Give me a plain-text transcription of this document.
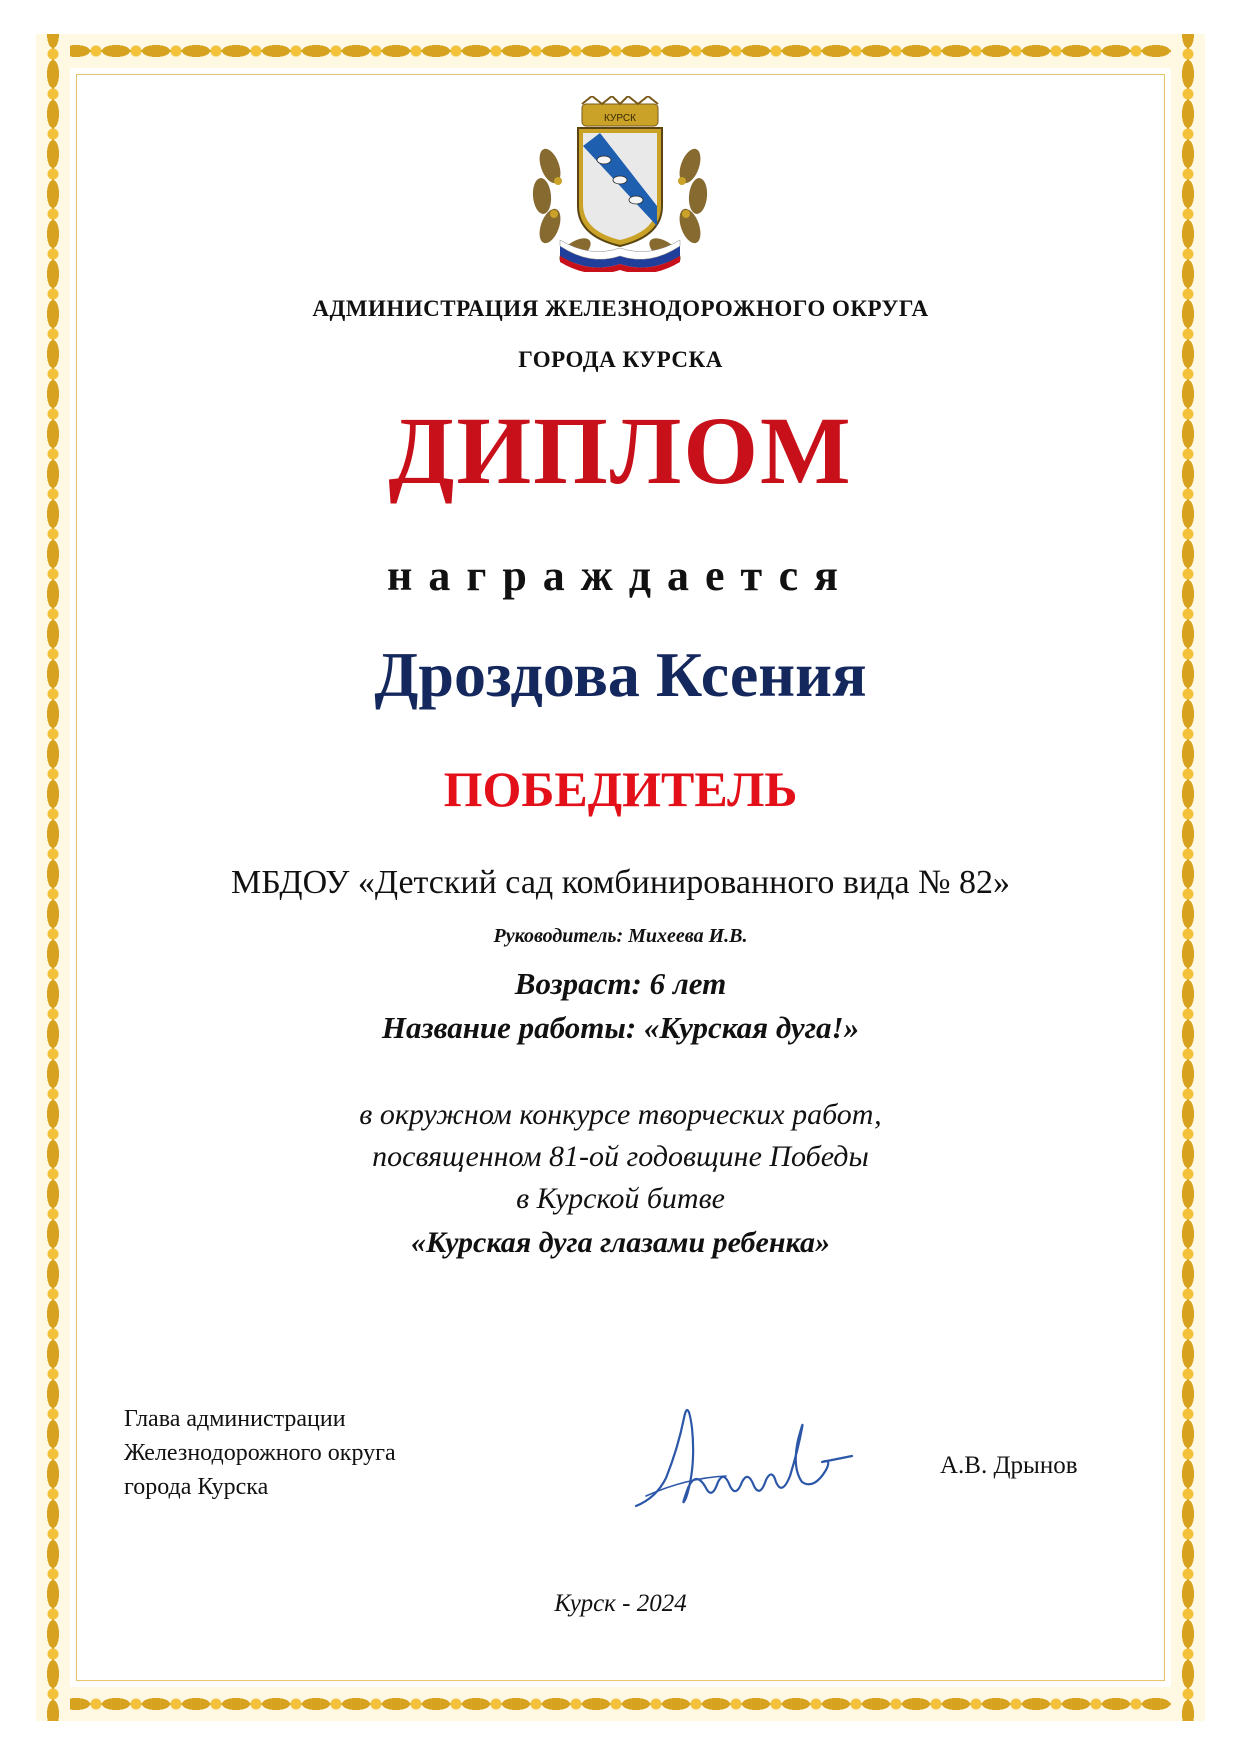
КУРСК
АДМИНИСТРАЦИЯ ЖЕЛЕЗНОДОРОЖНОГО ОКРУГА
ГОРОДА КУРСКА
ДИПЛОМ
награждается
Дроздова Ксения
ПОБЕДИТЕЛЬ
МБДОУ «Детский сад комбинированного вида № 82»
Руководитель: Михеева И.В.
Возраст: 6 лет
Название работы: «Курская дуга!»
в окружном конкурсе творческих работ,
посвященном 81-ой годовщине Победы
в Курской битве
«Курская дуга глазами ребенка»
Глава администрации
Железнодорожного округа
города Курска
А.В. Дрынов
Курск - 2024
